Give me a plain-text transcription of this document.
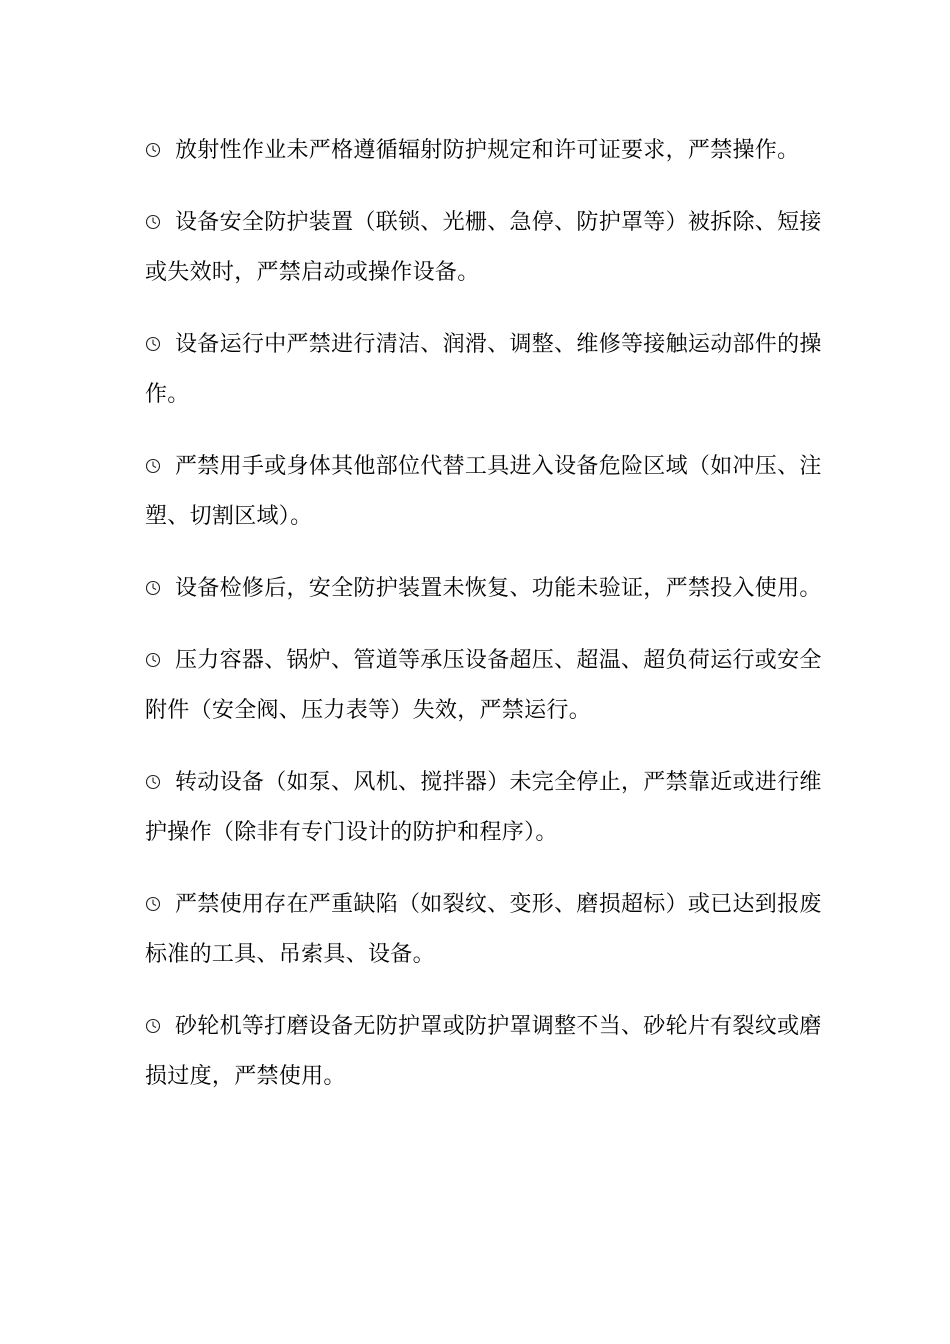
放射性作业未严格遵循辐射防护规定和许可证要求，严禁操作。
设备安全防护装置（联锁、光栅、急停、防护罩等）被拆除、短接或失效时，严禁启动或操作设备。
设备运行中严禁进行清洁、润滑、调整、维修等接触运动部件的操作。
严禁用手或身体其他部位代替工具进入设备危险区域（如冲压、注塑、切割区域）。
设备检修后，安全防护装置未恢复、功能未验证，严禁投入使用。
压力容器、锅炉、管道等承压设备超压、超温、超负荷运行或安全附件（安全阀、压力表等）失效，严禁运行。
转动设备（如泵、风机、搅拌器）未完全停止，严禁靠近或进行维护操作（除非有专门设计的防护和程序）。
严禁使用存在严重缺陷（如裂纹、变形、磨损超标）或已达到报废标准的工具、吊索具、设备。
砂轮机等打磨设备无防护罩或防护罩调整不当、砂轮片有裂纹或磨损过度，严禁使用。
